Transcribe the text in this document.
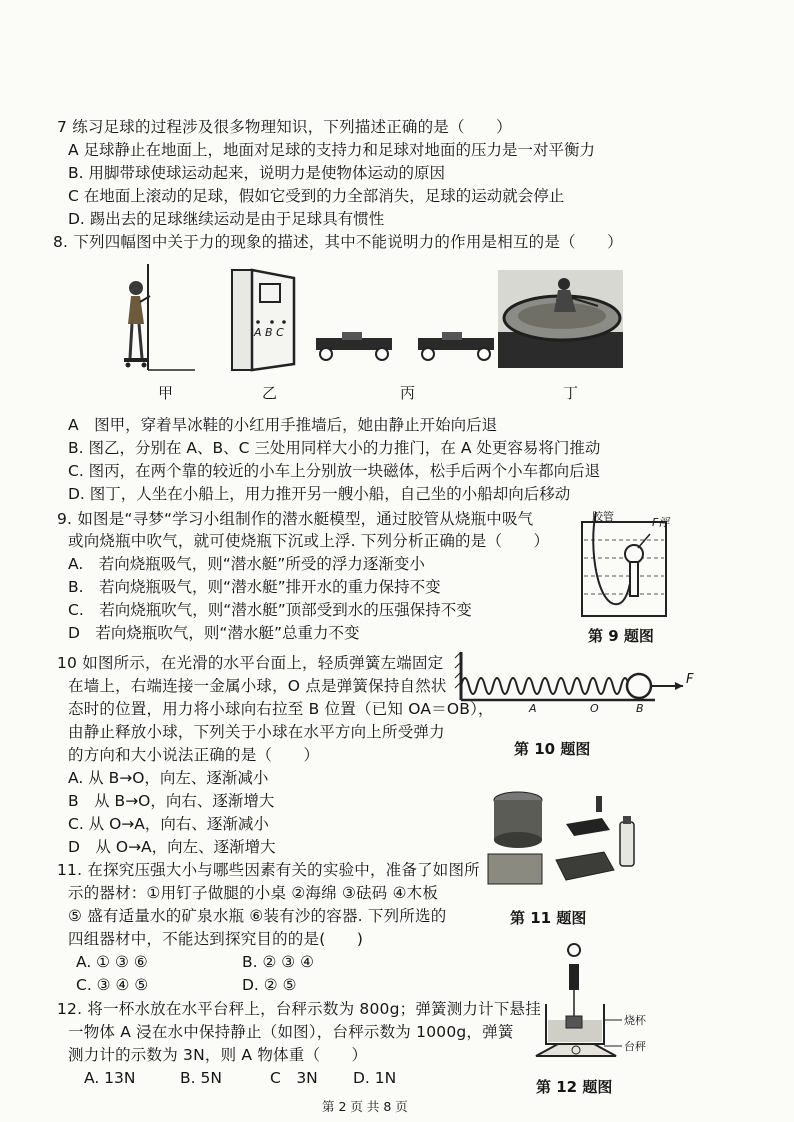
7 练习足球的过程涉及很多物理知识，下列描述正确的是（　　）
A 足球静止在地面上，地面对足球的支持力和足球对地面的压力是一对平衡力
B. 用脚带球使球运动起来，说明力是使物体运动的原因
C 在地面上滚动的足球，假如它受到的力全部消失，足球的运动就会停止
D. 踢出去的足球继续运动是由于足球具有惯性
8. 下列四幅图中关于力的现象的描述，其中不能说明力的作用是相互的是（　　）
甲
A B C
乙	丙	丁
A　图甲，穿着旱冰鞋的小红用手推墙后，她由静止开始向后退
B. 图乙，分别在 A、B、C 三处用同样大小的力推门，在 A 处更容易将门推动
C. 图丙，在两个靠的较近的小车上分别放一块磁体，松手后两个小车都向后退
D. 图丁，人坐在小船上，用力推开另一艘小船，自己坐的小船却向后移动
9. 如图是“寻梦“学习小组制作的潜水艇模型，通过胶管从烧瓶中吸气
或向烧瓶中吹气，就可使烧瓶下沉或上浮. 下列分析正确的是（　　）
A.　若向烧瓶吸气，则“潜水艇”所受的浮力逐渐变小
B.　若向烧瓶吸气，则“潜水艇”排开水的重力保持不变
C.　若向烧瓶吹气，则“潜水艇”顶部受到水的压强保持不变
D　若向烧瓶吹气，则“潜水艇”总重力不变
胶管	F浮
第 9 题图
10 如图所示，在光滑的水平台面上，轻质弹簧左端固定
在墙上，右端连接一金属小球，O 点是弹簧保持自然状
态时的位置，用力将小球向右拉至 B 位置（已知 OA＝OB），
由静止释放小球，下列关于小球在水平方向上所受弹力
的方向和大小说法正确的是（　　）
A. 从 B→O，向左、逐渐减小
B　从 B→O，向右、逐渐增大
C. 从 O→A，向右、逐渐减小
D　从 O→A，向左、逐渐增大
A	O	B
F
第 10 题图
11. 在探究压强大小与哪些因素有关的实验中，准备了如图所
示的器材：①用钉子做腿的小桌 ②海绵 ③砝码 ④木板
⑤ 盛有适量水的矿泉水瓶 ⑥装有沙的容器. 下列所选的
四组器材中，不能达到探究目的的是(　　)
A. ① ③ ⑥	B. ② ③ ④
C. ③ ④ ⑤	D. ② ⑤
第 11 题图
12. 将一杯水放在水平台秤上，台秤示数为 800g；弹簧测力计下悬挂
一物体 A 浸在水中保持静止（如图），台秤示数为 1000g，弹簧
测力计的示数为 3N，则 A 物体重（　　）
A. 13N	B. 5N	C　3N D. 1N
烧杯
台秤
第 12 题图
第 2 页 共 8 页
